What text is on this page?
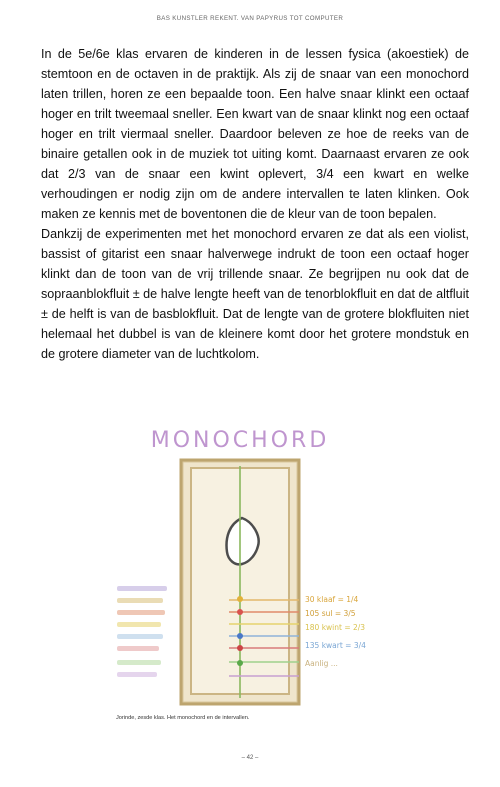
BAS KUNSTLER REKENT. VAN PAPYRUS TOT COMPUTER

In de 5e/6e klas ervaren de kinderen in de lessen fysica (akoestiek) de stemtoon en de octaven in de praktijk. Als zij de snaar van een monochord laten trillen, horen ze een bepaalde toon. Een halve snaar klinkt een octaaf hoger en trilt tweemaal sneller. Een kwart van de snaar klinkt nog een octaaf hoger en trilt viermaal sneller. Daardoor beleven ze hoe de reeks van de binaire getallen ook in de muziek tot uiting komt. Daarnaast ervaren ze ook dat 2/3 van de snaar een kwint oplevert, 3/4 een kwart en welke verhoudingen er nodig zijn om de andere intervallen te laten klinken. Ook maken ze kennis met de boventonen die de kleur van de toon bepalen.

Dankzij de experimenten met het monochord ervaren ze dat als een violist, bassist of gitarist een snaar halverwege indrukt de toon een octaaf hoger klinkt dan de toon van de vrij trillende snaar. Ze begrijpen nu ook dat de sopraanblokfluit ± de halve lengte heeft van de tenorblokfluit en dat de altfluit ± de helft is van de basblokfluit. Dat de lengte van de grotere blokfluiten niet helemaal het dubbel is van de kleinere komt door het grotere mondstuk en de grotere diameter van de luchtkolom.

MONOCHORD
30 klaaf = 1/4
105 sul = 3/5
180 kwint = 2/3
135 kwart = 3/4
Aanlig ...
Jorinde, zesde klas. Het monochord en de intervallen.
– 42 –
